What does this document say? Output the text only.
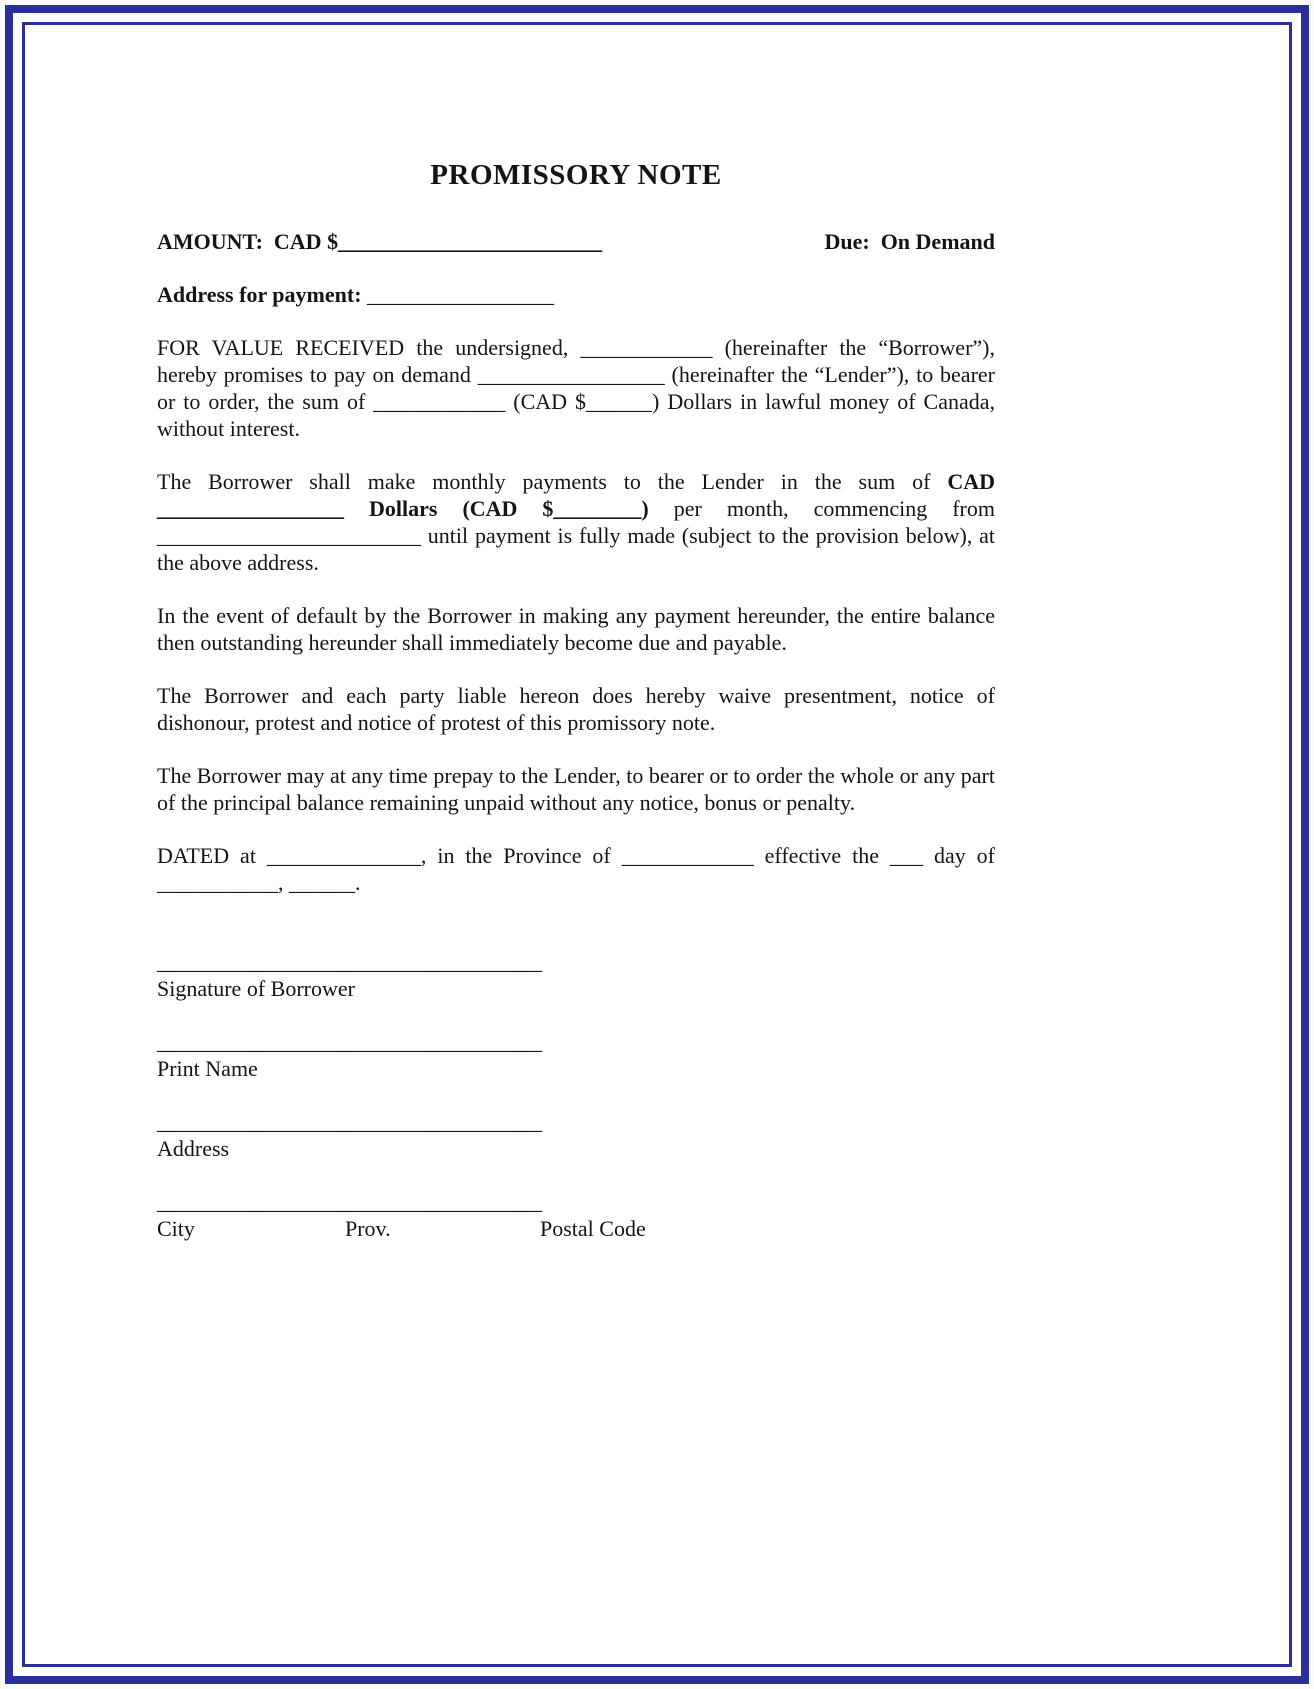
PROMISSORY NOTE
AMOUNT:  CAD $________________________	Due:  On Demand
Address for payment: _________________

FOR VALUE RECEIVED the undersigned, ____________ (hereinafter the “Borrower”), hereby promises to pay on demand _________________ (hereinafter the “Lender”), to bearer or to order, the sum of ____________ (CAD $______) Dollars in lawful money of Canada, without interest.

The Borrower shall make monthly payments to the Lender in the sum of CAD _________________ Dollars (CAD $________) per month, commencing from ________________________ until payment is fully made (subject to the provision below), at the above address.

In the event of default by the Borrower in making any payment hereunder, the entire balance then outstanding hereunder shall immediately become due and payable.

The Borrower and each party liable hereon does hereby waive presentment, notice of dishonour, protest and notice of protest of this promissory note.

The Borrower may at any time prepay to the Lender, to bearer or to order the whole or any part of the principal balance remaining unpaid without any notice, bonus or penalty.

DATED at ______________, in the Province of ____________ effective the ___ day of ___________, ______.

___________________________________
Signature of Borrower
___________________________________
Print Name
___________________________________
Address
___________________________________
City	Prov.	Postal Code
